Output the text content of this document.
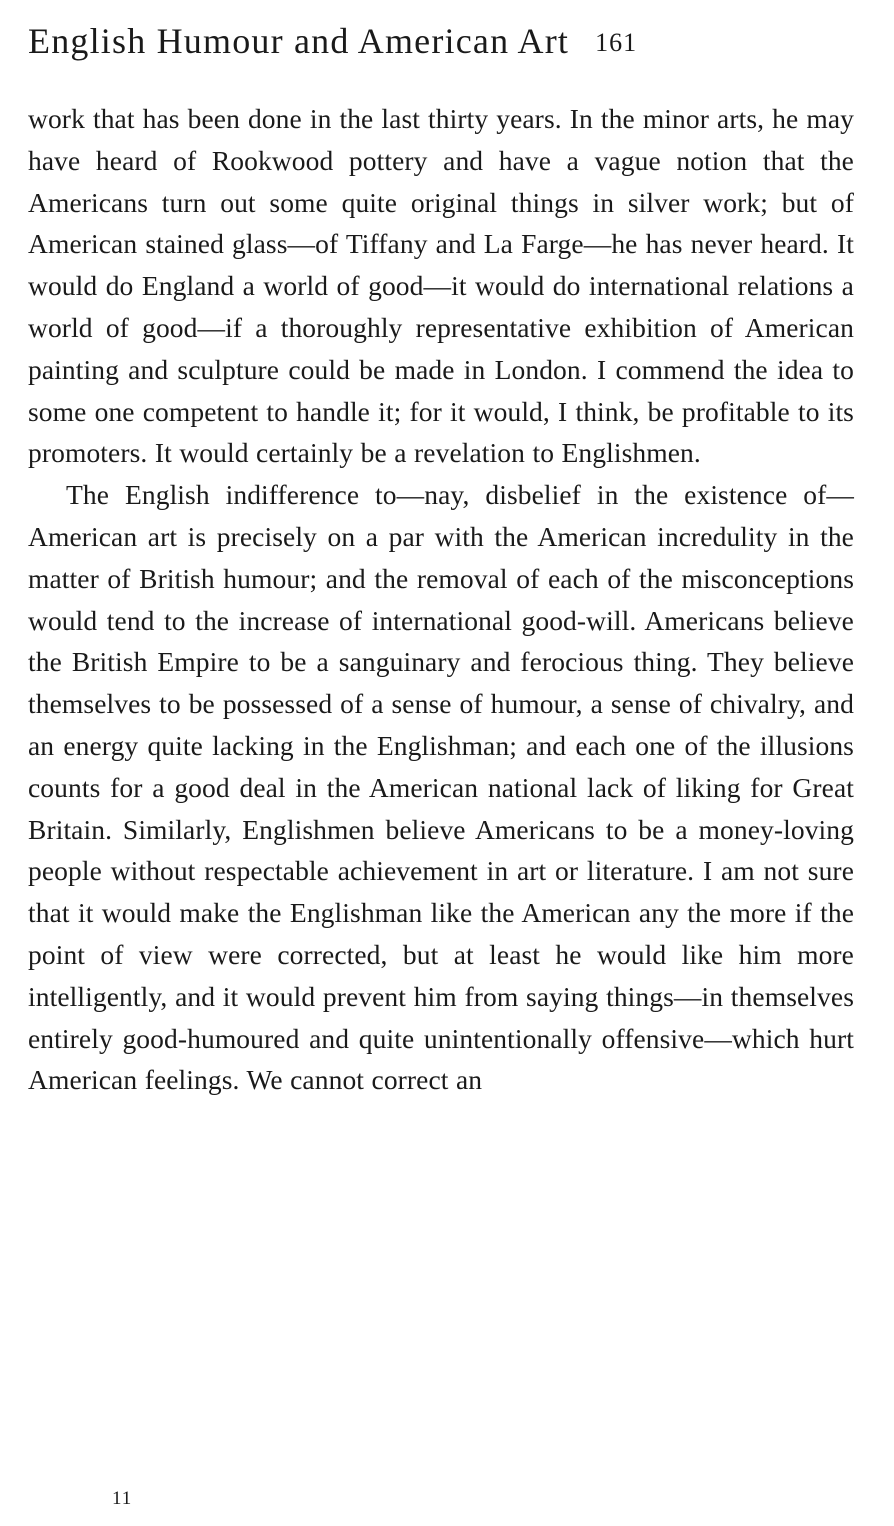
English Humour and American Art 161

work that has been done in the last thirty years. In the minor arts, he may have heard of Rookwood pottery and have a vague notion that the Americans turn out some quite original things in silver work; but of American stained glass—of Tiffany and La Farge—he has never heard. It would do England a world of good—it would do international relations a world of good—if a thoroughly representative exhibition of American painting and sculpture could be made in London. I commend the idea to some one competent to handle it; for it would, I think, be profitable to its promoters. It would certainly be a revelation to Englishmen.

The English indifference to—nay, disbelief in the existence of—American art is precisely on a par with the American incredulity in the matter of British humour; and the removal of each of the misconceptions would tend to the increase of international good-will. Americans believe the British Empire to be a sanguinary and ferocious thing. They believe themselves to be possessed of a sense of humour, a sense of chivalry, and an energy quite lacking in the Englishman; and each one of the illusions counts for a good deal in the American national lack of liking for Great Britain. Similarly, Englishmen believe Americans to be a money-loving people without respectable achievement in art or literature. I am not sure that it would make the Englishman like the American any the more if the point of view were corrected, but at least he would like him more intelligently, and it would prevent him from saying things—in themselves entirely good-humoured and quite unintentionally offensive—which hurt American feelings. We cannot correct an

11
